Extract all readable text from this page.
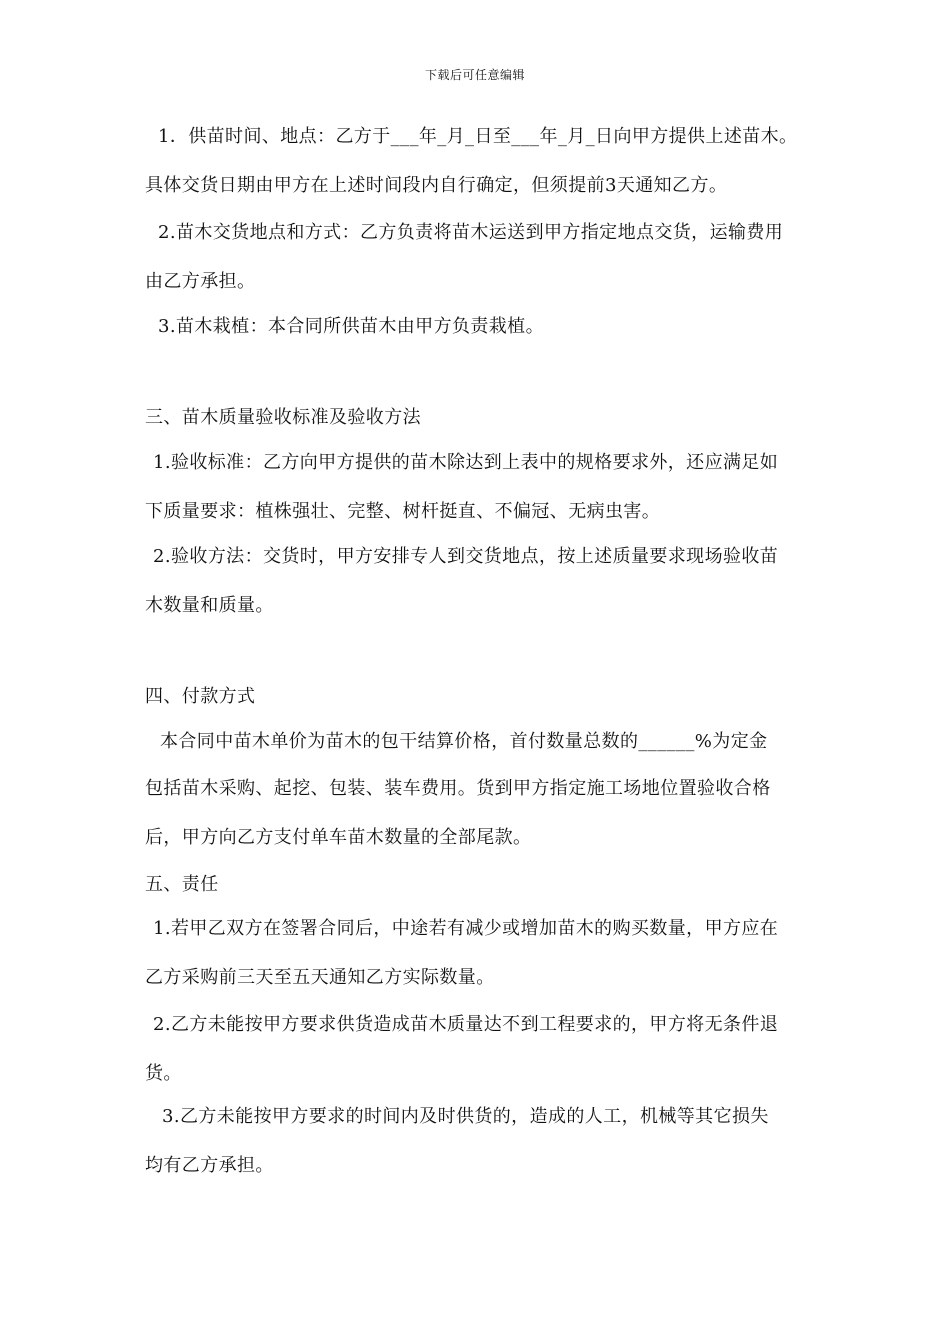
下载后可任意编辑
1．供苗时间、地点：乙方于___年_月_日至___年_月_日向甲方提供上述苗木。
具体交货日期由甲方在上述时间段内自行确定，但须提前3天通知乙方。
2.苗木交货地点和方式：乙方负责将苗木运送到甲方指定地点交货，运输费用
由乙方承担。
3.苗木栽植：本合同所供苗木由甲方负责栽植。
三、苗木质量验收标准及验收方法
1.验收标准：乙方向甲方提供的苗木除达到上表中的规格要求外，还应满足如
下质量要求：植株强壮、完整、树杆挺直、不偏冠、无病虫害。
2.验收方法：交货时，甲方安排专人到交货地点，按上述质量要求现场验收苗
木数量和质量。
四、付款方式
本合同中苗木单价为苗木的包干结算价格，首付数量总数的______%为定金
包括苗木采购、起挖、包装、装车费用。货到甲方指定施工场地位置验收合格
后，甲方向乙方支付单车苗木数量的全部尾款。
五、责任
1.若甲乙双方在签署合同后，中途若有减少或增加苗木的购买数量，甲方应在
乙方采购前三天至五天通知乙方实际数量。
2.乙方未能按甲方要求供货造成苗木质量达不到工程要求的，甲方将无条件退
货。
3.乙方未能按甲方要求的时间内及时供货的，造成的人工，机械等其它损失
均有乙方承担。
